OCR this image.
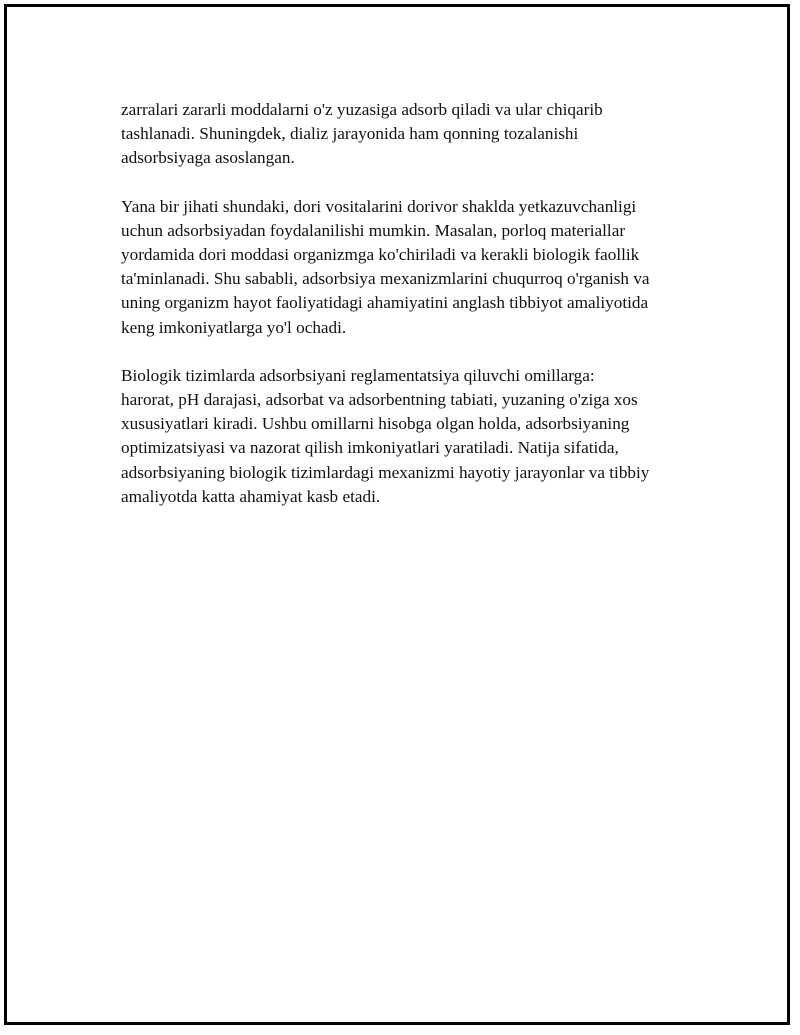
zarralari zararli moddalarni o'z yuzasiga adsorb qiladi va ular chiqarib
tashlanadi. Shuningdek, dializ jarayonida ham qonning tozalanishi
adsorbsiyaga asoslangan.

Yana bir jihati shundaki, dori vositalarini dorivor shaklda yetkazuvchanligi
uchun adsorbsiyadan foydalanilishi mumkin. Masalan, porloq materiallar
yordamida dori moddasi organizmga ko'chiriladi va kerakli biologik faollik
ta'minlanadi. Shu sababli, adsorbsiya mexanizmlarini chuqurroq o'rganish va
uning organizm hayot faoliyatidagi ahamiyatini anglash tibbiyot amaliyotida
keng imkoniyatlarga yo'l ochadi.

Biologik tizimlarda adsorbsiyani reglamentatsiya qiluvchi omillarga:
harorat, pH darajasi, adsorbat va adsorbentning tabiati, yuzaning o'ziga xos
xususiyatlari kiradi. Ushbu omillarni hisobga olgan holda, adsorbsiyaning
optimizatsiyasi va nazorat qilish imkoniyatlari yaratiladi. Natija sifatida,
adsorbsiyaning biologik tizimlardagi mexanizmi hayotiy jarayonlar va tibbiy
amaliyotda katta ahamiyat kasb etadi.
